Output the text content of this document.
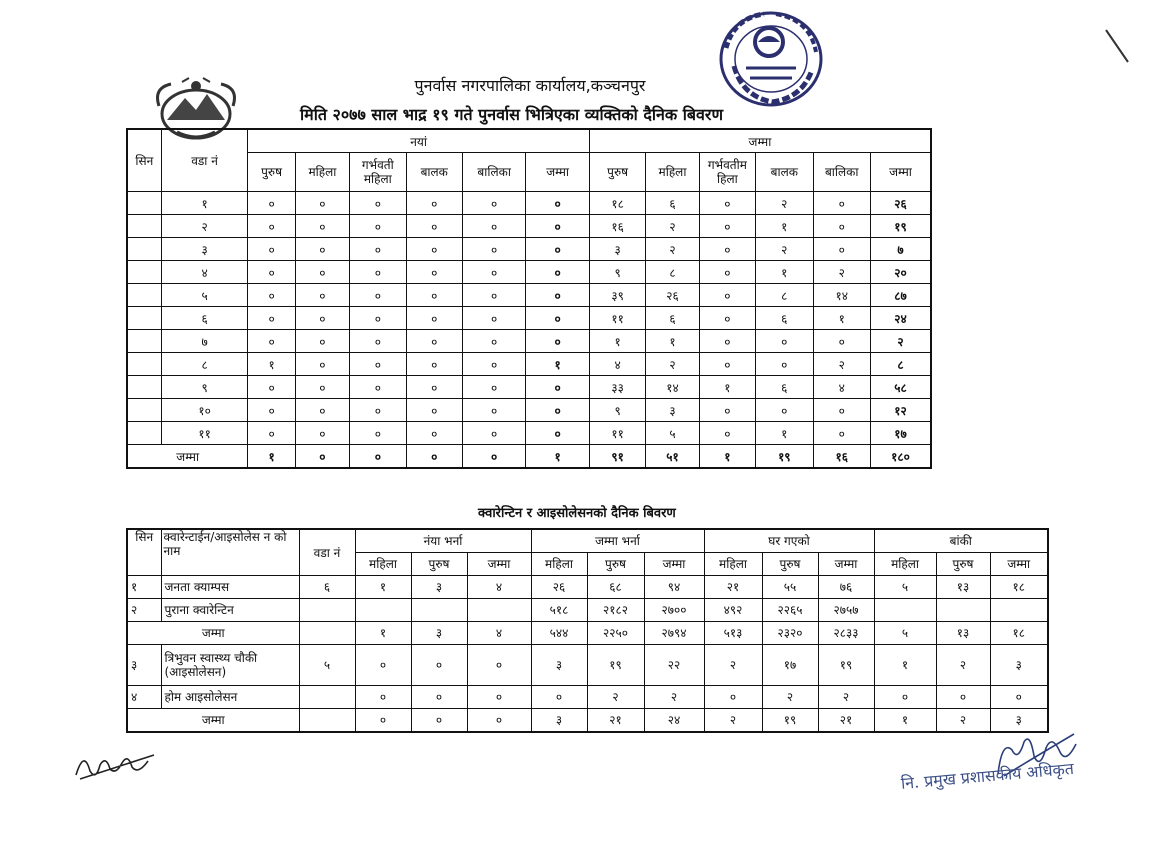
पुनर्वास नगरपालिका कार्यालय,कञ्चनपुर
मिति २०७७ साल भाद्र १९ गते पुनर्वास भित्रिएका व्यक्तिको दैनिक बिवरण
सिन	वडा नं	नयां						जम्मा					
		पुरुष	महिला	गर्भवती महिला	बालक	बालिका	जम्मा	पुरुष	महिला	गर्भवतीम हिला	बालक	बालिका	जम्मा
	१	०	०	०	०	०	०	१८	६	०	२	०	२६
	२	०	०	०	०	०	०	१६	२	०	१	०	१९
	३	०	०	०	०	०	०	३	२	०	२	०	७
	४	०	०	०	०	०	०	९	८	०	१	२	२०
	५	०	०	०	०	०	०	३९	२६	०	८	१४	८७
	६	०	०	०	०	०	०	११	६	०	६	१	२४
	७	०	०	०	०	०	०	१	१	०	०	०	२
	८	१	०	०	०	०	१	४	२	०	०	२	८
	९	०	०	०	०	०	०	३३	१४	१	६	४	५८
	१०	०	०	०	०	०	०	९	३	०	०	०	१२
	११	०	०	०	०	०	०	११	५	०	१	०	१७
जम्मा		१	०	०	०	०	१	९१	५१	१	१९	१६	१८०
क्वारेन्टिन र आइसोलेसनको दैनिक बिवरण
सिन	क्वारेन्टाईन/आइसोलेस न को नाम	वडा नं	नंया भर्ना			जम्मा भर्ना			घर गएको			बांकी		
			महिला	पुरुष	जम्मा	महिला	पुरुष	जम्मा	महिला	पुरुष	जम्मा	महिला	पुरुष	जम्मा
१	जनता क्याम्पस	६	१	३	४	२६	६८	९४	२१	५५	७६	५	१३	१८
२	पुराना क्वारेन्टिन					५१८	२१८२	२७००	४९२	२२६५	२७५७			
जम्मा			१	३	४	५४४	२२५०	२७९४	५१३	२३२०	२८३३	५	१३	१८
३	त्रिभुवन स्वास्थ्य चौकी (आइसोलेसन)	५	०	०	०	३	१९	२२	२	१७	१९	१	२	३
४	होम आइसोलेसन		०	०	०	०	२	२	०	२	२	०	०	०
जम्मा			०	०	०	३	२१	२४	२	१९	२१	१	२	३
नि. प्रमुख प्रशासकीय अधिकृत
